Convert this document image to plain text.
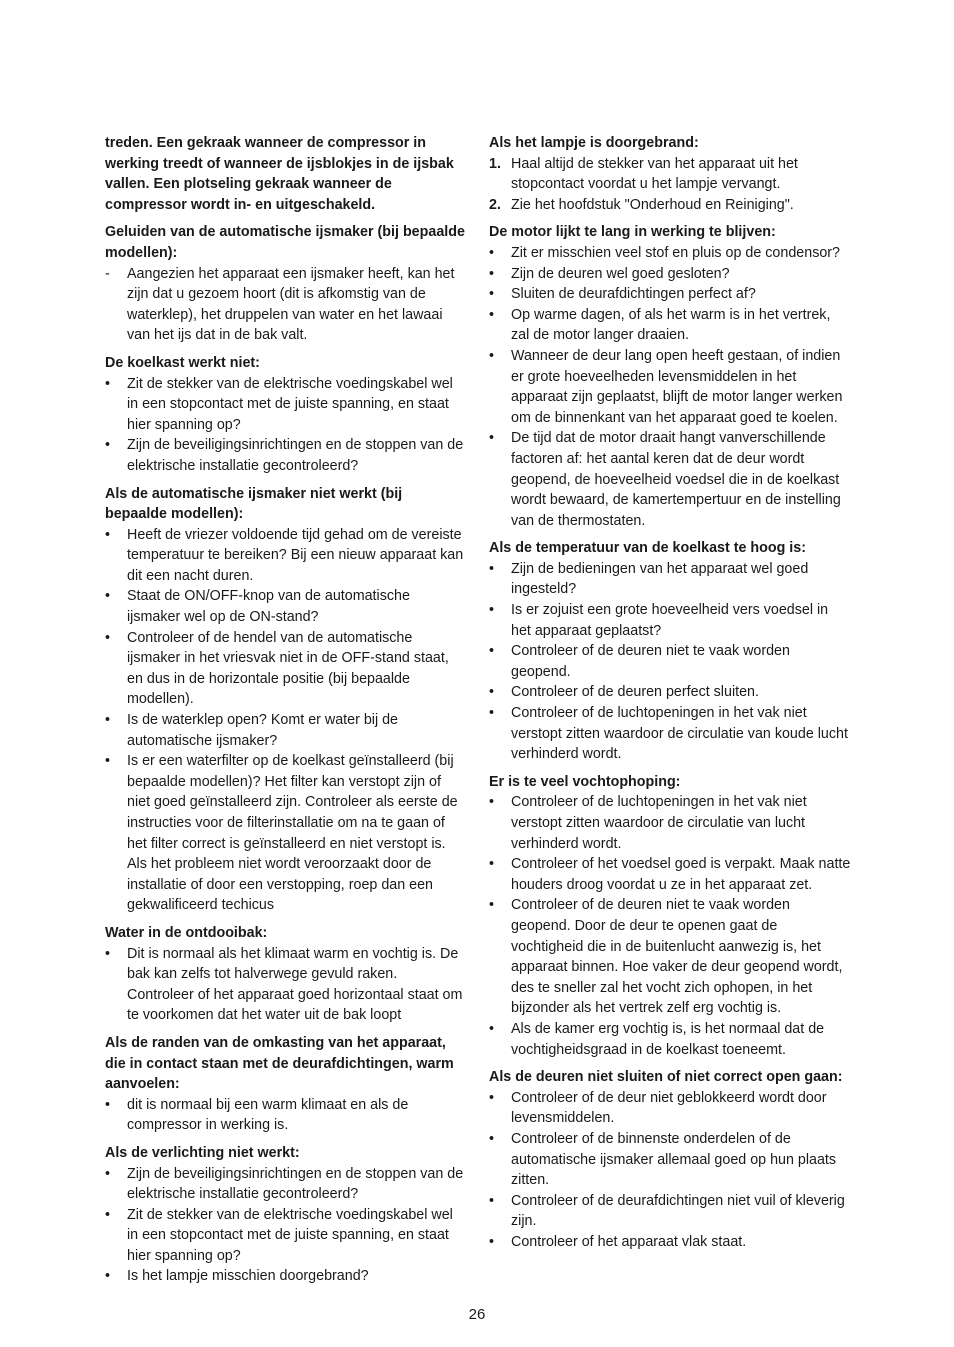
treden. Een gekraak wanneer de compressor in werking treedt of wanneer de ijsblokjes in de ijsbak vallen. Een plotseling gekraak wanneer de compressor wordt in- en uitgeschakeld.

Geluiden van de automatische ijsmaker (bij bepaalde modellen):

-	Aangezien het apparaat een ijsmaker heeft, kan het zijn dat u gezoem hoort (dit is afkomstig van de waterklep), het druppelen van water en het lawaai van het ijs dat in de bak valt.

De koelkast werkt niet:

•	Zit de stekker van de elektrische voedingskabel wel in een stopcontact met de juiste spanning, en staat hier spanning op?
•	Zijn de beveiligingsinrichtingen en de stoppen van de elektrische installatie gecontroleerd?

Als de automatische ijsmaker niet werkt (bij bepaalde modellen):

•	Heeft de vriezer voldoende tijd gehad om de vereiste temperatuur te bereiken? Bij een nieuw apparaat kan dit een nacht duren.
•	Staat de ON/OFF-knop van de automatische ijsmaker wel op de ON-stand?
•	Controleer of de hendel van de automatische ijsmaker in het vriesvak niet in de OFF-stand staat, en dus in de horizontale positie (bij bepaalde modellen).
•	Is de waterklep open? Komt er water bij de automatische ijsmaker?
•	Is er een waterfilter op de koelkast geïnstalleerd (bij bepaalde modellen)? Het filter kan verstopt zijn of niet goed geïnstalleerd zijn. Controleer als eerste de instructies voor de filterinstallatie om na te gaan of het filter correct is geïnstalleerd en niet verstopt is. Als het probleem niet wordt veroorzaakt door de installatie of door een verstopping, roep dan een gekwalificeerd techicus

Water in de ontdooibak:

•	Dit is normaal als het klimaat warm en vochtig is. De bak kan zelfs tot halverwege gevuld raken. Controleer of het apparaat goed horizontaal staat om te voorkomen dat het water uit de bak loopt

Als de randen van de omkasting van het apparaat, die in contact staan met de deurafdichtingen, warm aanvoelen:

•	dit is normaal bij een warm klimaat en als de compressor in werking is.

Als de verlichting niet werkt:

•	Zijn de beveiligingsinrichtingen en de stoppen van de elektrische installatie gecontroleerd?
•	Zit de stekker van de elektrische voedingskabel wel in een stopcontact met de juiste spanning, en staat hier spanning op?
•	Is het lampje misschien doorgebrand?

Als het lampje is doorgebrand:

1. Haal altijd de stekker van het apparaat uit het stopcontact voordat u het lampje vervangt.
2. Zie het hoofdstuk "Onderhoud en Reiniging".

De motor lijkt te lang in werking te blijven:

•	Zit er misschien veel stof en pluis op de condensor?
•	Zijn de deuren wel goed gesloten?
•	Sluiten de deurafdichtingen perfect af?
•	Op warme dagen, of als het warm is in het vertrek, zal de motor langer draaien.
•	Wanneer de deur lang open heeft gestaan, of indien er grote hoeveelheden levensmiddelen in het apparaat zijn geplaatst, blijft de motor langer werken om de binnenkant van het apparaat goed te koelen.
•	De tijd dat de motor draait hangt vanverschillende factoren af: het aantal keren dat de deur wordt geopend, de hoeveelheid voedsel die in de koelkast wordt bewaard, de kamertempertuur en de instelling van de thermostaten.

Als de temperatuur van de koelkast te hoog is:

•	Zijn de bedieningen van het apparaat wel goed ingesteld?
•	Is er zojuist een grote hoeveelheid vers voedsel in het apparaat geplaatst?
•	Controleer of de deuren niet te vaak worden geopend.
•	Controleer of de deuren perfect sluiten.
•	Controleer of de luchtopeningen in het vak niet verstopt zitten waardoor de circulatie van koude lucht verhinderd wordt.

Er is te veel vochtophoping:

•	Controleer of de luchtopeningen in het vak niet verstopt zitten waardoor de circulatie van lucht verhinderd wordt.
•	Controleer of het voedsel goed is verpakt. Maak natte houders droog voordat u ze in het apparaat zet.
•	Controleer of de deuren niet te vaak worden geopend. Door de deur te openen gaat de vochtigheid die in de buitenlucht aanwezig is, het apparaat binnen. Hoe vaker de deur geopend wordt, des te sneller zal het vocht zich ophopen, in het bijzonder als het vertrek zelf erg vochtig is.
•	Als de kamer erg vochtig is, is het normaal dat de vochtigheidsgraad in de koelkast toeneemt.

Als de deuren niet sluiten of niet correct open gaan:

•	Controleer of de deur niet geblokkeerd wordt door levensmiddelen.
•	Controleer of de binnenste onderdelen of de automatische ijsmaker allemaal goed op hun plaats zitten.
•	Controleer of de deurafdichtingen niet vuil of kleverig zijn.
•	Controleer of het apparaat vlak staat.
26
